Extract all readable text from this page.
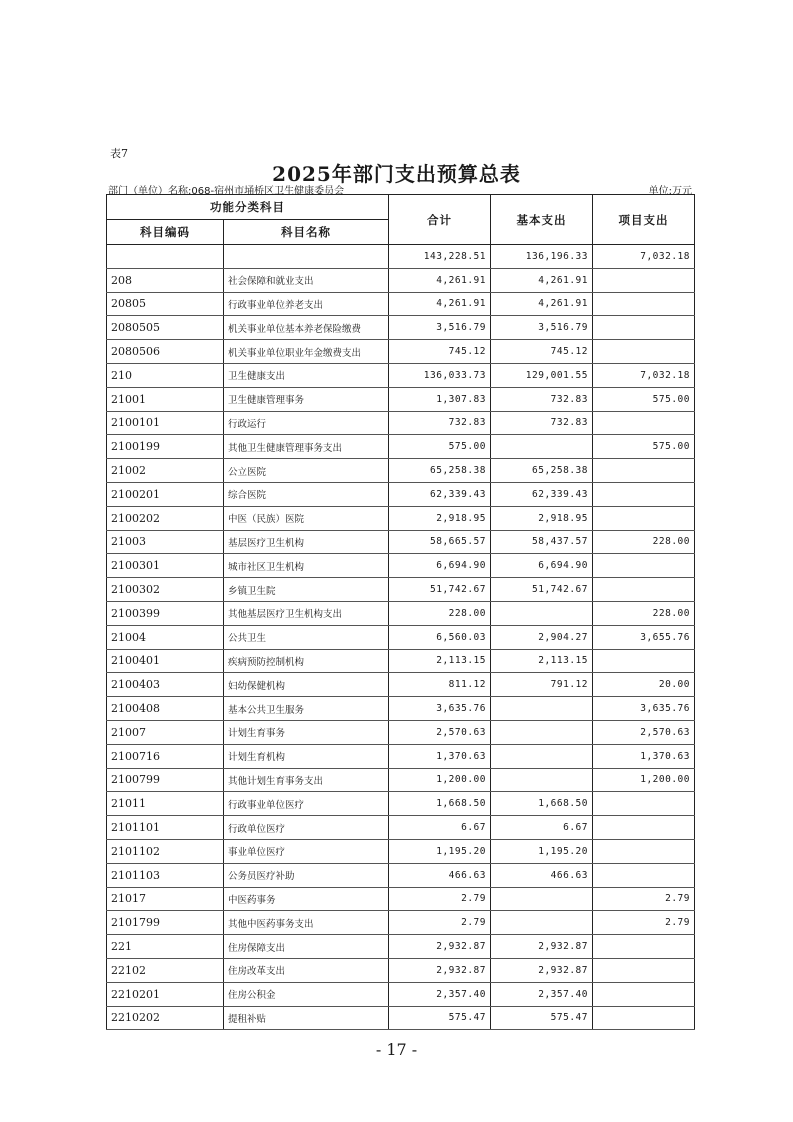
表7
2025年部门支出预算总表
部门（单位）名称:068-宿州市埇桥区卫生健康委员会	单位:万元
功能分类科目		合计	基本支出	项目支出
科目编码	科目名称			
		143,228.51	136,196.33	7,032.18
208	社会保障和就业支出	4,261.91	4,261.91	
20805	行政事业单位养老支出	4,261.91	4,261.91	
2080505	机关事业单位基本养老保险缴费	3,516.79	3,516.79	
2080506	机关事业单位职业年金缴费支出	745.12	745.12	
210	卫生健康支出	136,033.73	129,001.55	7,032.18
21001	卫生健康管理事务	1,307.83	732.83	575.00
2100101	行政运行	732.83	732.83	
2100199	其他卫生健康管理事务支出	575.00		575.00
21002	公立医院	65,258.38	65,258.38	
2100201	综合医院	62,339.43	62,339.43	
2100202	中医（民族）医院	2,918.95	2,918.95	
21003	基层医疗卫生机构	58,665.57	58,437.57	228.00
2100301	城市社区卫生机构	6,694.90	6,694.90	
2100302	乡镇卫生院	51,742.67	51,742.67	
2100399	其他基层医疗卫生机构支出	228.00		228.00
21004	公共卫生	6,560.03	2,904.27	3,655.76
2100401	疾病预防控制机构	2,113.15	2,113.15	
2100403	妇幼保健机构	811.12	791.12	20.00
2100408	基本公共卫生服务	3,635.76		3,635.76
21007	计划生育事务	2,570.63		2,570.63
2100716	计划生育机构	1,370.63		1,370.63
2100799	其他计划生育事务支出	1,200.00		1,200.00
21011	行政事业单位医疗	1,668.50	1,668.50	
2101101	行政单位医疗	6.67	6.67	
2101102	事业单位医疗	1,195.20	1,195.20	
2101103	公务员医疗补助	466.63	466.63	
21017	中医药事务	2.79		2.79
2101799	其他中医药事务支出	2.79		2.79
221	住房保障支出	2,932.87	2,932.87	
22102	住房改革支出	2,932.87	2,932.87	
2210201	住房公积金	2,357.40	2,357.40	
2210202	提租补贴	575.47	575.47	
- 17 -
